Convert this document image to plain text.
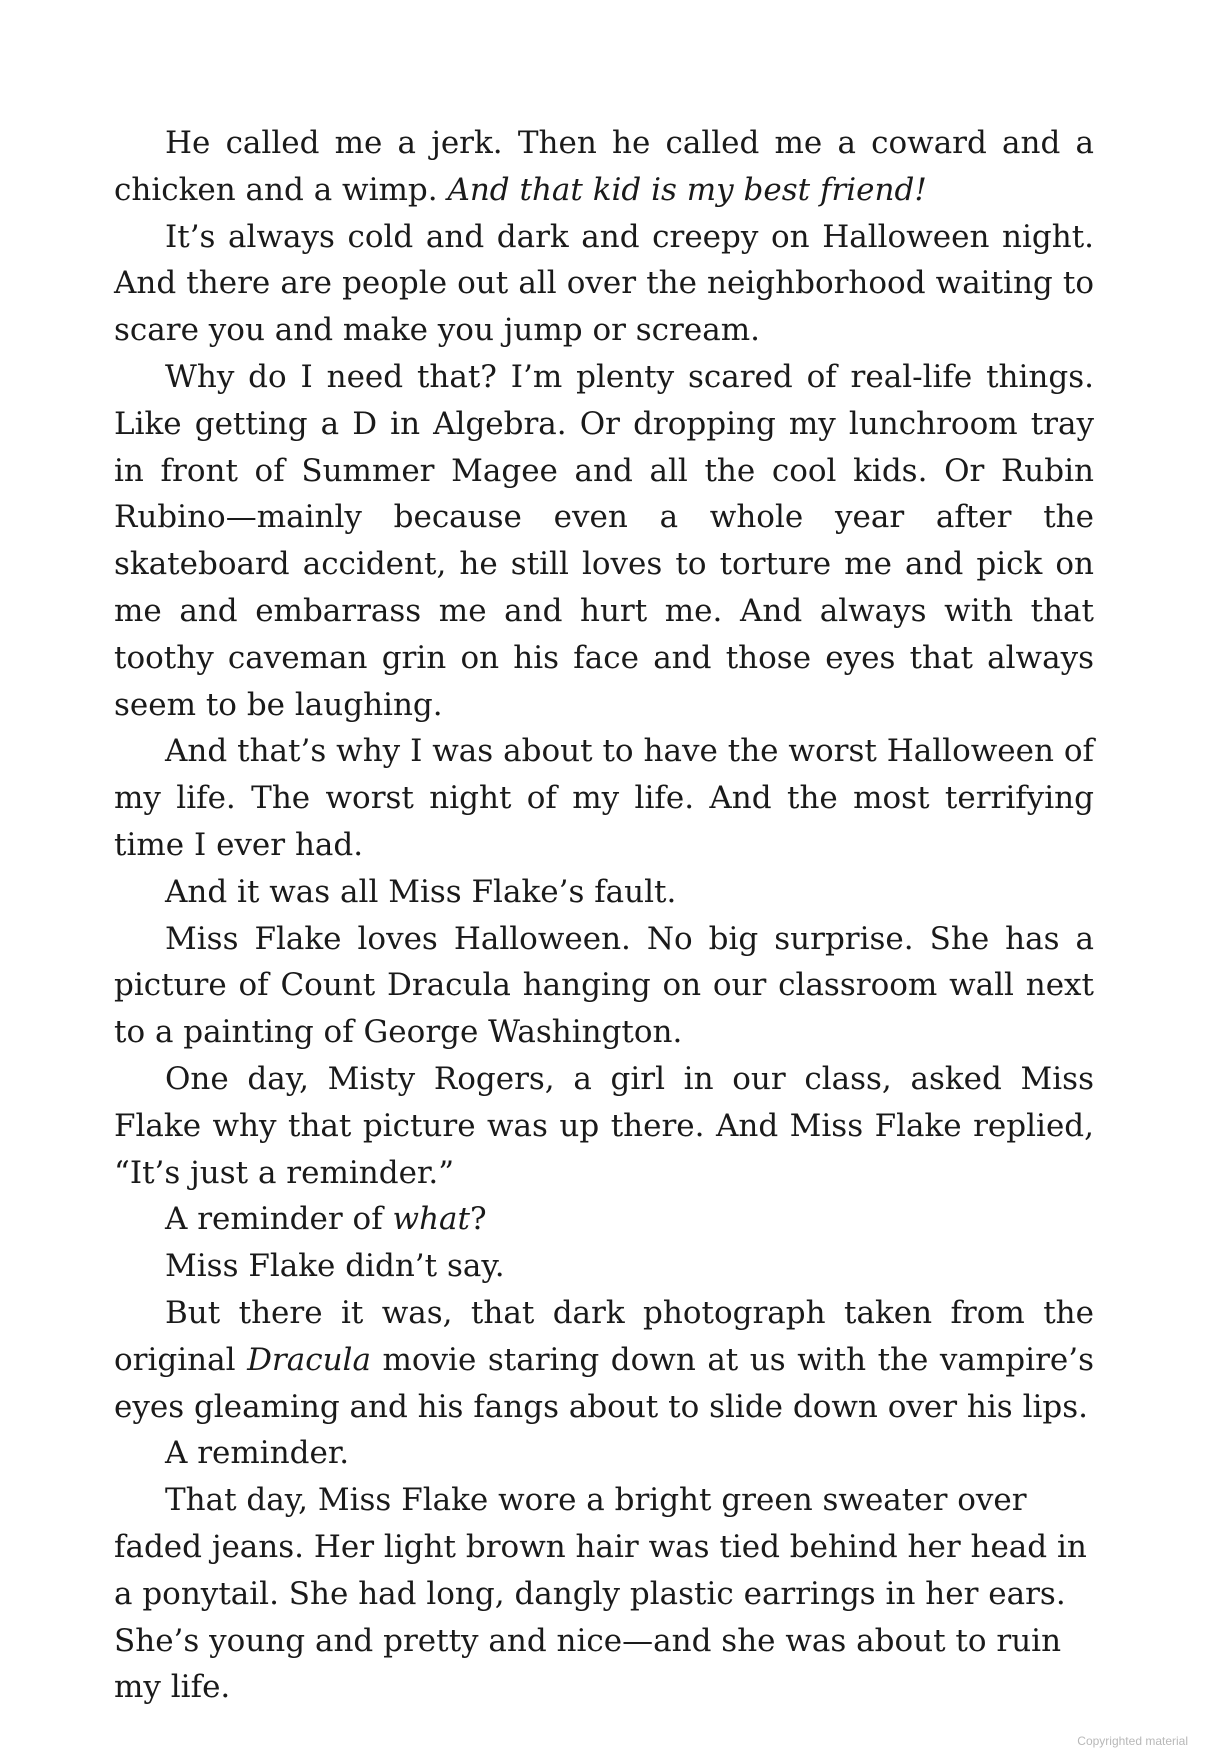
He called me a jerk. Then he called me a coward and a chicken and a wimp. And that kid is my best friend!

It’s always cold and dark and creepy on Halloween night. And there are people out all over the neighborhood waiting to scare you and make you jump or scream.

Why do I need that? I’m plenty scared of real-life things. Like getting a D in Algebra. Or dropping my lunchroom tray in front of Summer Magee and all the cool kids. Or Rubin Rubino—mainly because even a whole year after the skateboard accident, he still loves to torture me and pick on me and embarrass me and hurt me. And always with that toothy caveman grin on his face and those eyes that always seem to be laughing.

And that’s why I was about to have the worst Halloween of my life. The worst night of my life. And the most terrifying time I ever had.

And it was all Miss Flake’s fault.

Miss Flake loves Halloween. No big surprise. She has a picture of Count Dracula hanging on our classroom wall next to a painting of George Washington.

One day, Misty Rogers, a girl in our class, asked Miss Flake why that picture was up there. And Miss Flake replied, “It’s just a reminder.”

A reminder of what?

Miss Flake didn’t say.

But there it was, that dark photograph taken from the original Dracula movie staring down at us with the vampire’s eyes gleaming and his fangs about to slide down over his lips.

A reminder.

That day, Miss Flake wore a bright green sweater over faded jeans. Her light brown hair was tied behind her head in a ponytail. She had long, dangly plastic earrings in her ears. She’s young and pretty and nice—and she was about to ruin my life.

Copyrighted material
